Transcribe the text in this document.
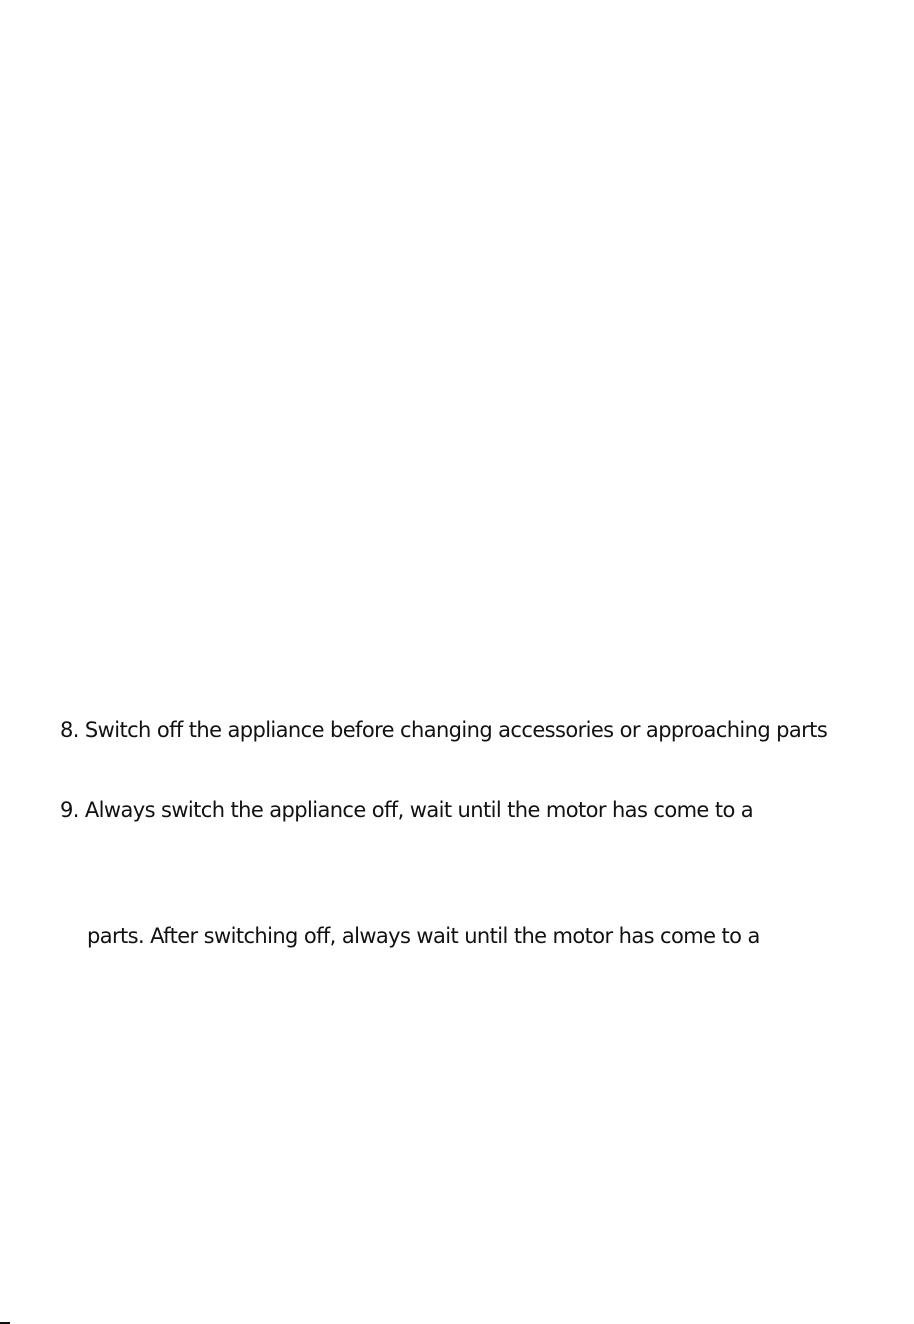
8. Switch off the appliance before changing accessories or approaching parts
9. Always switch the appliance off, wait until the motor has come to a
parts. After switching off, always wait until the motor has come to a
